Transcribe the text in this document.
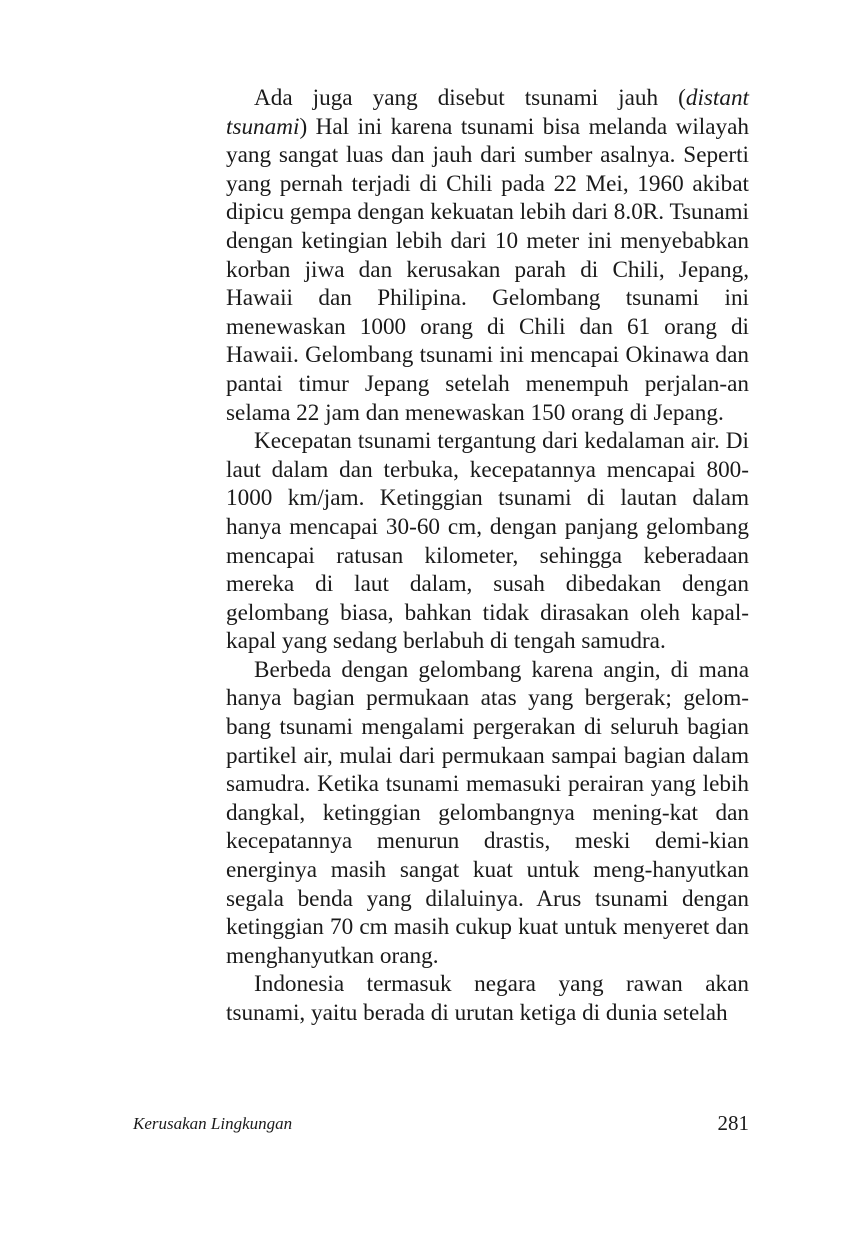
Ada juga yang disebut tsunami jauh (distant tsunami) Hal ini karena tsunami bisa melanda wilayah yang sangat luas dan jauh dari sumber asalnya. Seperti yang pernah terjadi di Chili pada 22 Mei, 1960 akibat dipicu gempa dengan kekuatan lebih dari 8.0R. Tsunami dengan ketingian lebih dari 10 meter ini menyebabkan korban jiwa dan kerusakan parah di Chili, Jepang, Hawaii dan Philipina. Gelombang tsunami ini menewaskan 1000 orang di Chili dan 61 orang di Hawaii. Gelombang tsunami ini mencapai Okinawa dan pantai timur Jepang setelah menempuh perjalan-an selama 22 jam dan menewaskan 150 orang di Jepang.

Kecepatan tsunami tergantung dari kedalaman air. Di laut dalam dan terbuka, kecepatannya mencapai 800-1000 km/jam. Ketinggian tsunami di lautan dalam hanya mencapai 30-60 cm, dengan panjang gelombang mencapai ratusan kilometer, sehingga keberadaan mereka di laut dalam, susah dibedakan dengan gelombang biasa, bahkan tidak dirasakan oleh kapal-kapal yang sedang berlabuh di tengah samudra.

Berbeda dengan gelombang karena angin, di mana hanya bagian permukaan atas yang bergerak; gelom-bang tsunami mengalami pergerakan di seluruh bagian partikel air, mulai dari permukaan sampai bagian dalam samudra. Ketika tsunami memasuki perairan yang lebih dangkal, ketinggian gelombangnya mening-kat dan kecepatannya menurun drastis, meski demi-kian energinya masih sangat kuat untuk meng-hanyutkan segala benda yang dilaluinya. Arus tsunami dengan ketinggian 70 cm masih cukup kuat untuk menyeret dan menghanyutkan orang.

Indonesia termasuk negara yang rawan akan tsunami, yaitu berada di urutan ketiga di dunia setelah

Kerusakan Lingkungan	281
